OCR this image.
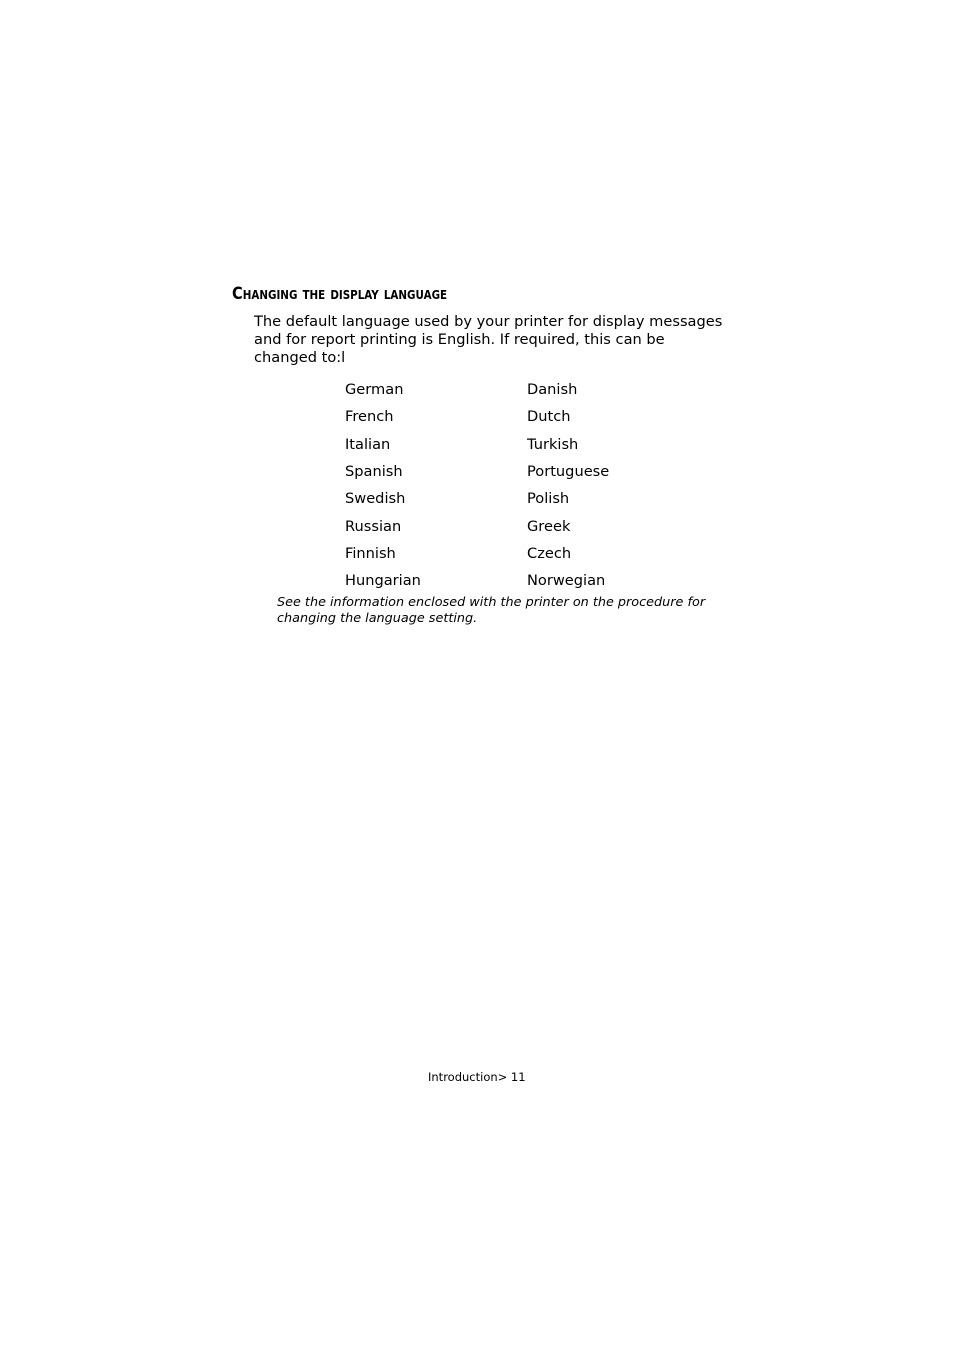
Changing the display language

The default language used by your printer for display messages and for report printing is English. If required, this can be changed to:l

German	Danish
French	Dutch
Italian	Turkish
Spanish	Portuguese
Swedish	Polish
Russian	Greek
Finnish	Czech
Hungarian	Norwegian

See the information enclosed with the printer on the procedure for changing the language setting.

Introduction> 11
